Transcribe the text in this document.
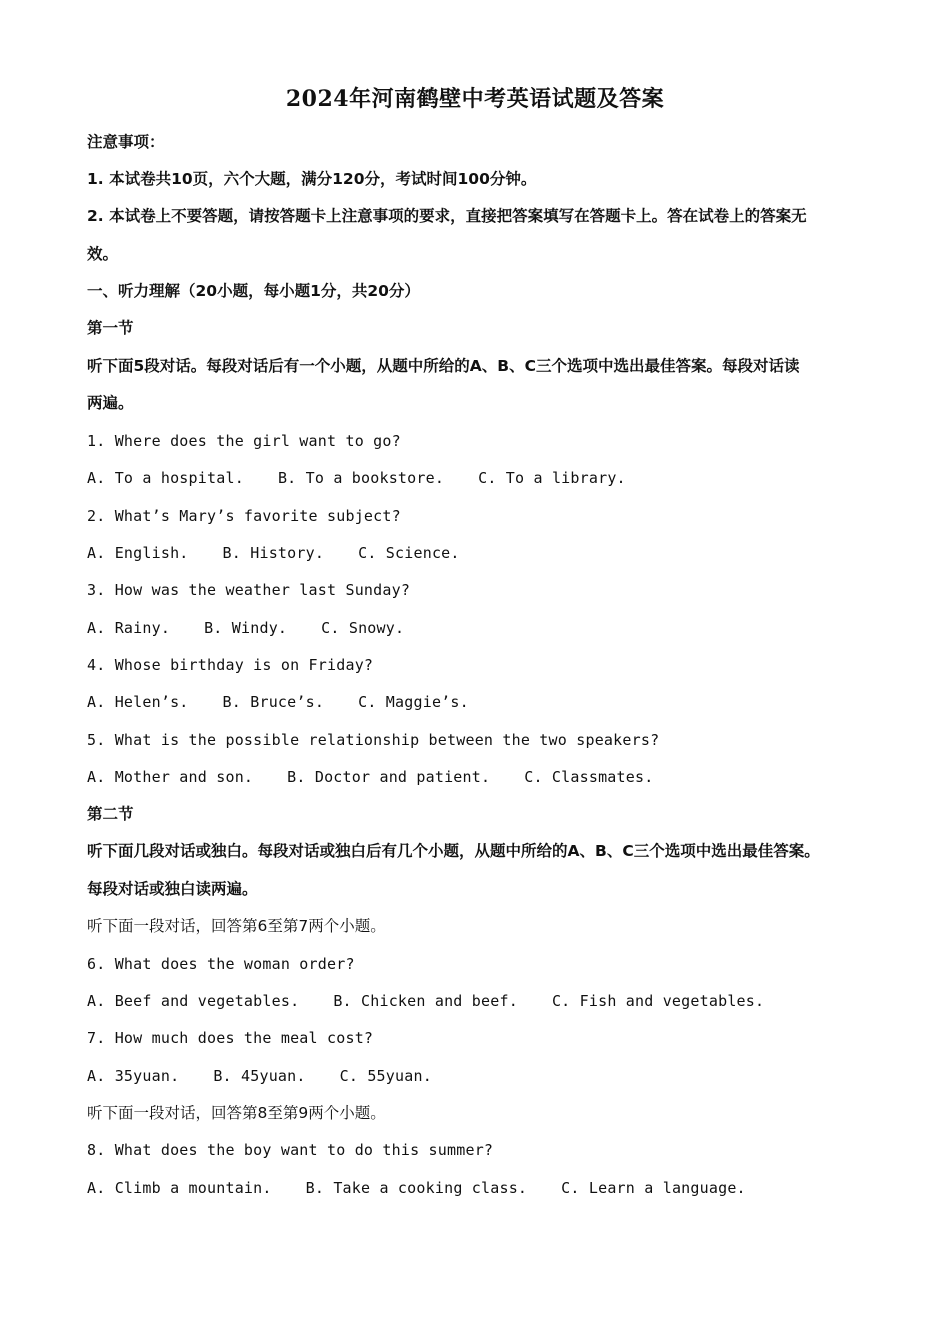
2024年河南鹤壁中考英语试题及答案
注意事项：
1. 本试卷共10页，六个大题，满分120分，考试时间100分钟。
2. 本试卷上不要答题，请按答题卡上注意事项的要求，直接把答案填写在答题卡上。答在试卷上的答案无
效。
一、听力理解（20小题，每小题1分，共20分）
第一节
听下面5段对话。每段对话后有一个小题，从题中所给的A、B、C三个选项中选出最佳答案。每段对话读
两遍。
1. Where does the girl want to go?
A. To a hospital. B. To a bookstore. C. To a library.
2. What’s Mary’s favorite subject?
A. English. B. History. C. Science.
3. How was the weather last Sunday?
A. Rainy. B. Windy. C. Snowy.
4. Whose birthday is on Friday?
A. Helen’s. B. Bruce’s. C. Maggie’s.
5. What is the possible relationship between the two speakers?
A. Mother and son. B. Doctor and patient. C. Classmates.
第二节
听下面几段对话或独白。每段对话或独白后有几个小题，从题中所给的A、B、C三个选项中选出最佳答案。
每段对话或独白读两遍。
听下面一段对话，回答第6至第7两个小题。
6. What does the woman order?
A. Beef and vegetables. B. Chicken and beef. C. Fish and vegetables.
7. How much does the meal cost?
A. 35yuan. B. 45yuan. C. 55yuan.
听下面一段对话，回答第8至第9两个小题。
8. What does the boy want to do this summer?
A. Climb a mountain. B. Take a cooking class. C. Learn a language.
